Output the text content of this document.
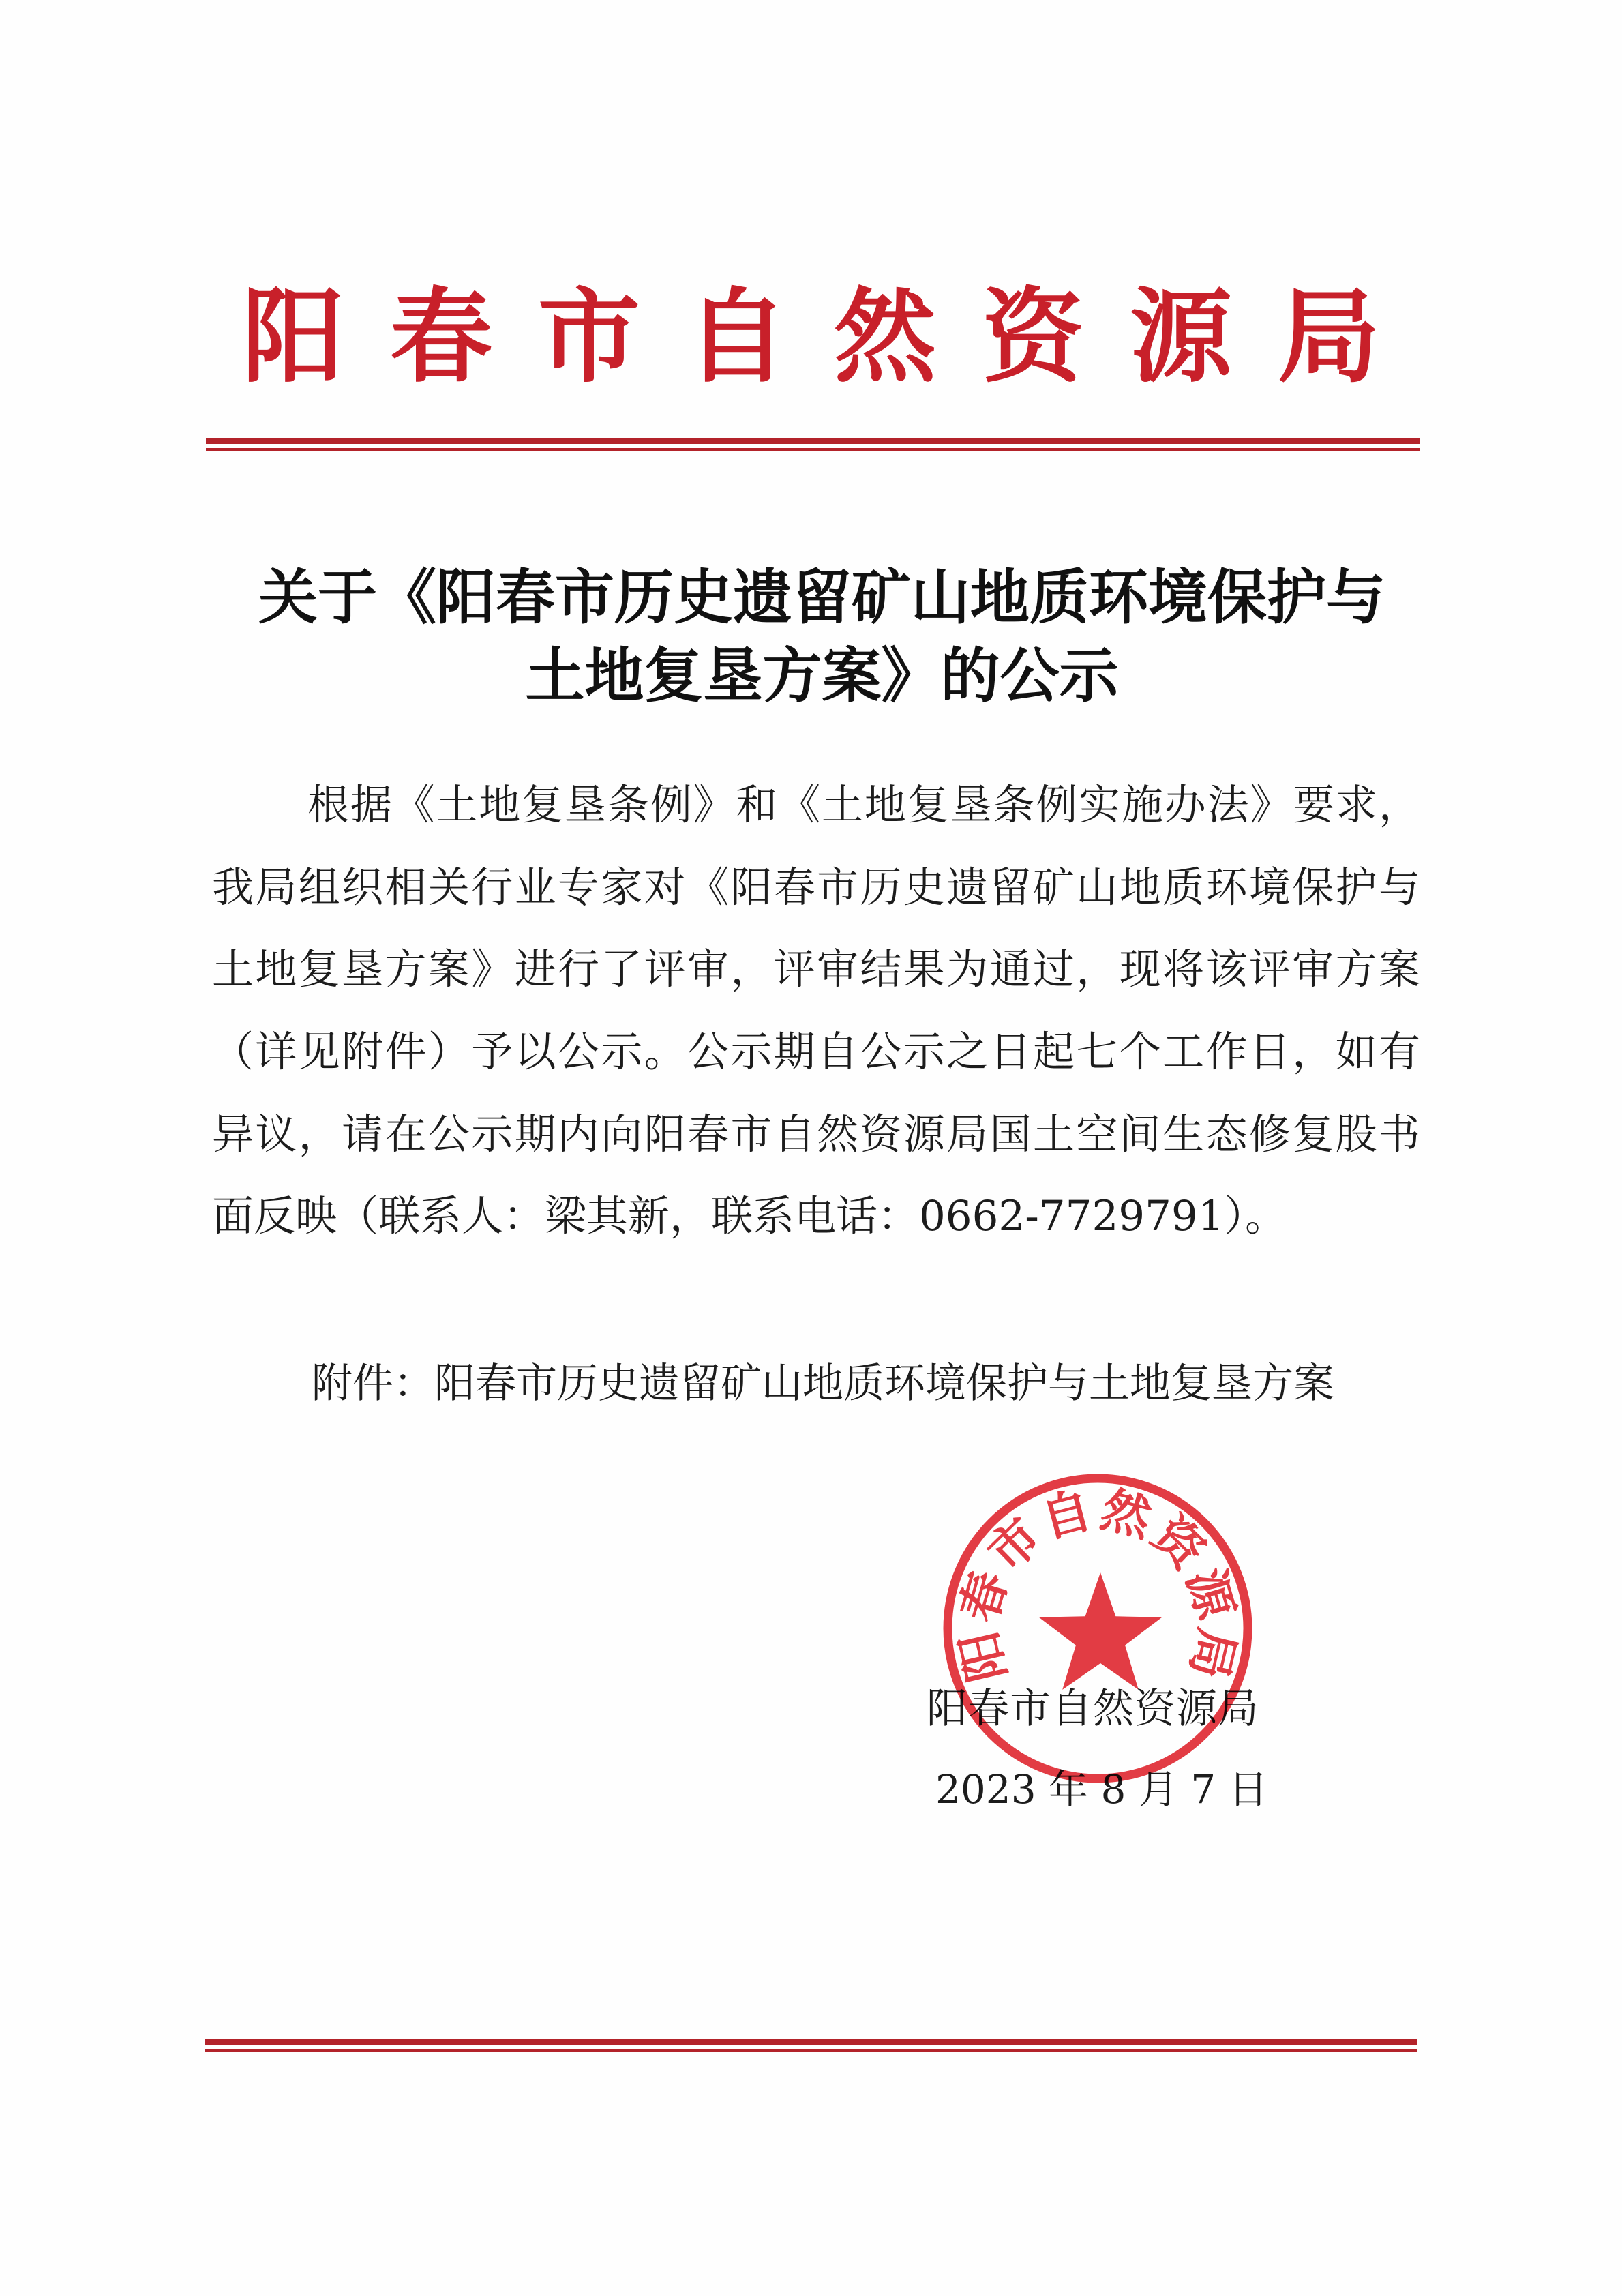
阳春市自然资源局
关于《阳春市历史遗留矿山地质环境保护与
土地复垦方案》的公示
根据《土地复垦条例》和《土地复垦条例实施办法》要求，
我局组织相关行业专家对《阳春市历史遗留矿山地质环境保护与
土地复垦方案》进行了评审，评审结果为通过，现将该评审方案
（详见附件）予以公示。公示期自公示之日起七个工作日，如有
异议，请在公示期内向阳春市自然资源局国土空间生态修复股书
面反映（联系人：梁其新，联系电话：0662-7729791）。
附件：阳春市历史遗留矿山地质环境保护与土地复垦方案
阳春市自然资源局
2023 年 8 月 7 日
阳春市自然资源局
